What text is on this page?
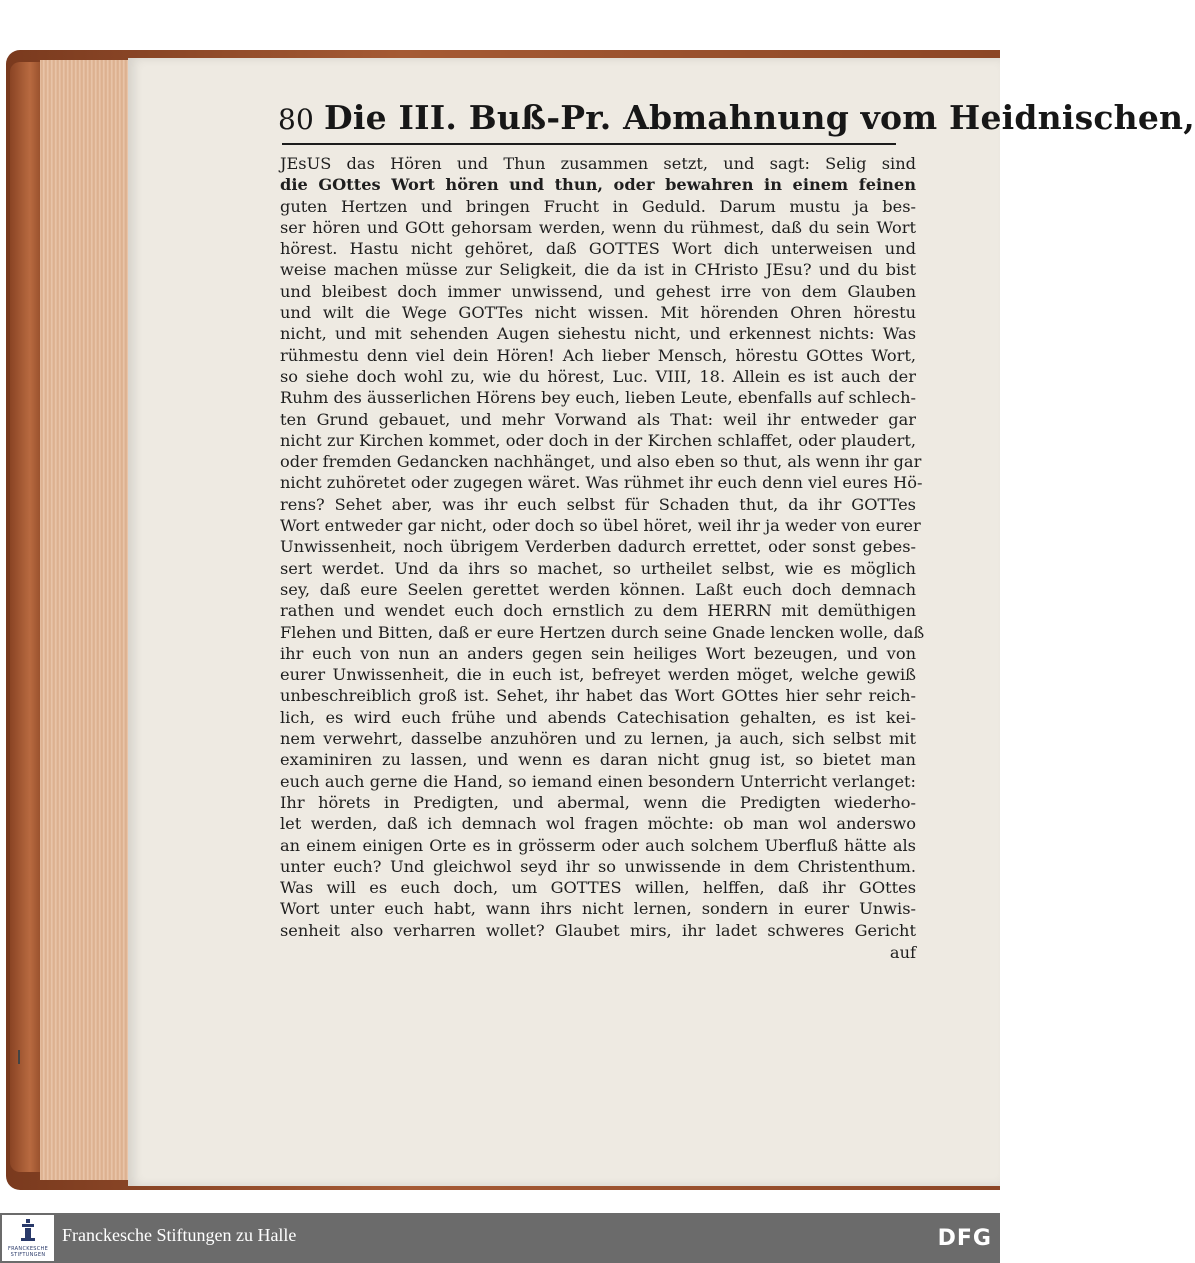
80 Die III. Buß-Pr. Abmahnung vom Heidnischen,
JEsUS das Hören und Thun zusammen setzt, und sagt: Selig sind
die GOttes Wort hören und thun, oder bewahren in einem feinen
guten Hertzen und bringen Frucht in Geduld. Darum mustu ja bes-
ser hören und GOtt gehorsam werden, wenn du rühmest, daß du sein Wort
hörest. Hastu nicht gehöret, daß GOTTES Wort dich unterweisen und
weise machen müsse zur Seligkeit, die da ist in CHristo JEsu? und du bist
und bleibest doch immer unwissend, und gehest irre von dem Glauben
und wilt die Wege GOTTes nicht wissen. Mit hörenden Ohren hörestu
nicht, und mit sehenden Augen siehestu nicht, und erkennest nichts: Was
rühmestu denn viel dein Hören! Ach lieber Mensch, hörestu GOttes Wort,
so siehe doch wohl zu, wie du hörest, Luc. VIII, 18. Allein es ist auch der
Ruhm des äusserlichen Hörens bey euch, lieben Leute, ebenfalls auf schlech-
ten Grund gebauet, und mehr Vorwand als That: weil ihr entweder gar
nicht zur Kirchen kommet, oder doch in der Kirchen schlaffet, oder plaudert,
oder fremden Gedancken nachhänget, und also eben so thut, als wenn ihr gar
nicht zuhöretet oder zugegen wäret. Was rühmet ihr euch denn viel eures Hö-
rens? Sehet aber, was ihr euch selbst für Schaden thut, da ihr GOTTes
Wort entweder gar nicht, oder doch so übel höret, weil ihr ja weder von eurer
Unwissenheit, noch übrigem Verderben dadurch errettet, oder sonst gebes-
sert werdet. Und da ihrs so machet, so urtheilet selbst, wie es möglich
sey, daß eure Seelen gerettet werden können. Laßt euch doch demnach
rathen und wendet euch doch ernstlich zu dem HERRN mit demüthigen
Flehen und Bitten, daß er eure Hertzen durch seine Gnade lencken wolle, daß
ihr euch von nun an anders gegen sein heiliges Wort bezeugen, und von
eurer Unwissenheit, die in euch ist, befreyet werden möget, welche gewiß
unbeschreiblich groß ist. Sehet, ihr habet das Wort GOttes hier sehr reich-
lich, es wird euch frühe und abends Catechisation gehalten, es ist kei-
nem verwehrt, dasselbe anzuhören und zu lernen, ja auch, sich selbst mit
examiniren zu lassen, und wenn es daran nicht gnug ist, so bietet man
euch auch gerne die Hand, so iemand einen besondern Unterricht verlanget:
Ihr hörets in Predigten, und abermal, wenn die Predigten wiederho-
let werden, daß ich demnach wol fragen möchte: ob man wol anderswo
an einem einigen Orte es in grösserm oder auch solchem Uberfluß hätte als
unter euch? Und gleichwol seyd ihr so unwissende in dem Christenthum.
Was will es euch doch, um GOTTES willen, helffen, daß ihr GOttes
Wort unter euch habt, wann ihrs nicht lernen, sondern in eurer Unwis-
senheit also verharren wollet? Glaubet mirs, ihr ladet schweres Gericht
auf
FRANCKESCHE
STIFTUNGEN
Franckesche Stiftungen zu Halle	DFG
